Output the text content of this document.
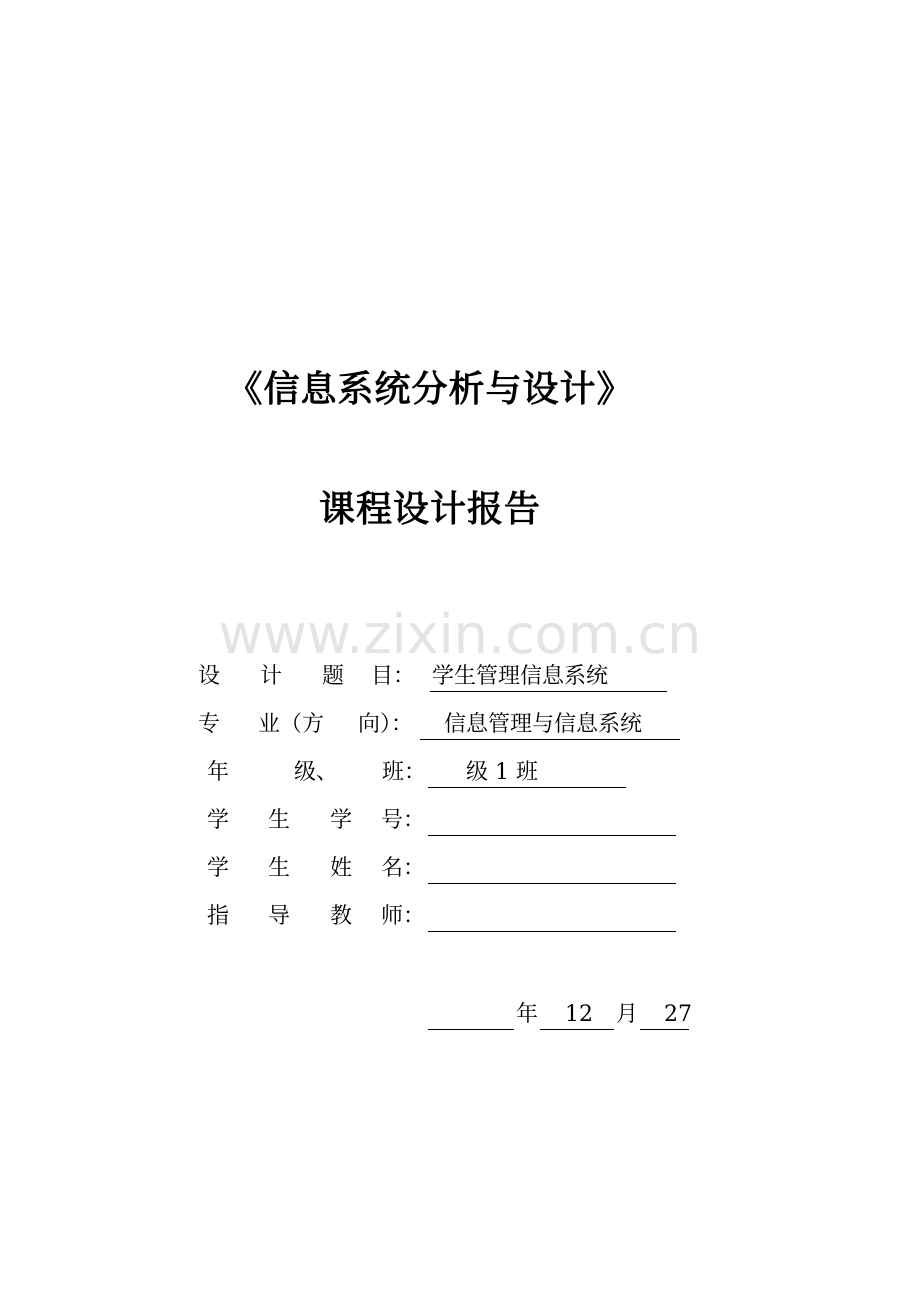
《信息系统分析与设计》
课程设计报告
www.zixin.com.cn
设 计 题 目： 学生管理信息系统
专 业（方 向）： 信息管理与信息系统
年	级、 班： 级 1 班
学 生 学 号：
学 生 姓 名：
指 导 教 师：
年 12 月 27
